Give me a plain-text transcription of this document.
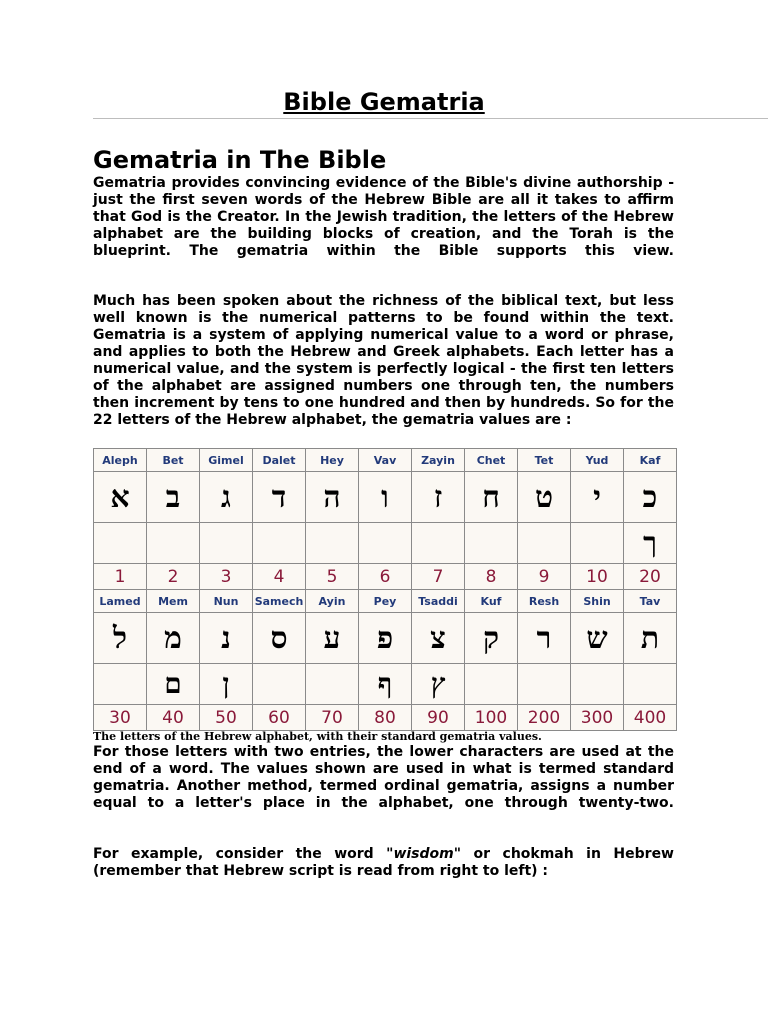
Bible Gematria
Gematria in The Bible
Gematria provides convincing evidence of the Bible's divine authorship - just the first seven words of the Hebrew Bible are all it takes to affirm that God is the Creator. In the Jewish tradition, the letters of the Hebrew alphabet are the building blocks of creation, and the Torah is the blueprint. The gematria within the Bible supports this view.
Much has been spoken about the richness of the biblical text, but less well known is the numerical patterns to be found within the text. Gematria is a system of applying numerical value to a word or phrase, and applies to both the Hebrew and Greek alphabets. Each letter has a numerical value, and the system is perfectly logical - the first ten letters of the alphabet are assigned numbers one through ten, the numbers then increment by tens to one hundred and then by hundreds. So for the 22 letters of the Hebrew alphabet, the gematria values are :
Aleph	Bet	Gimel	Dalet	Hey	Vav	Zayin	Chet	Tet	Yud	Kaf
א	ב	ג	ד	ה	ו	ז	ח	ט	י	כ
										ך
1	2	3	4	5	6	7	8	9	10	20
Lamed	Mem	Nun	Samech	Ayin	Pey	Tsaddi	Kuf	Resh	Shin	Tav
ל	מ	נ	ס	ע	פ	צ	ק	ר	ש	ת
	ם	ן			ף	ץ				
30	40	50	60	70	80	90	100	200	300	400
The letters of the Hebrew alphabet, with their standard gematria values.
For those letters with two entries, the lower characters are used at the end of a word. The values shown are used in what is termed standard gematria. Another method, termed ordinal gematria, assigns a number equal to a letter's place in the alphabet, one through twenty-two.
For example, consider the word "wisdom" or chokmah in Hebrew (remember that Hebrew script is read from right to left) :
